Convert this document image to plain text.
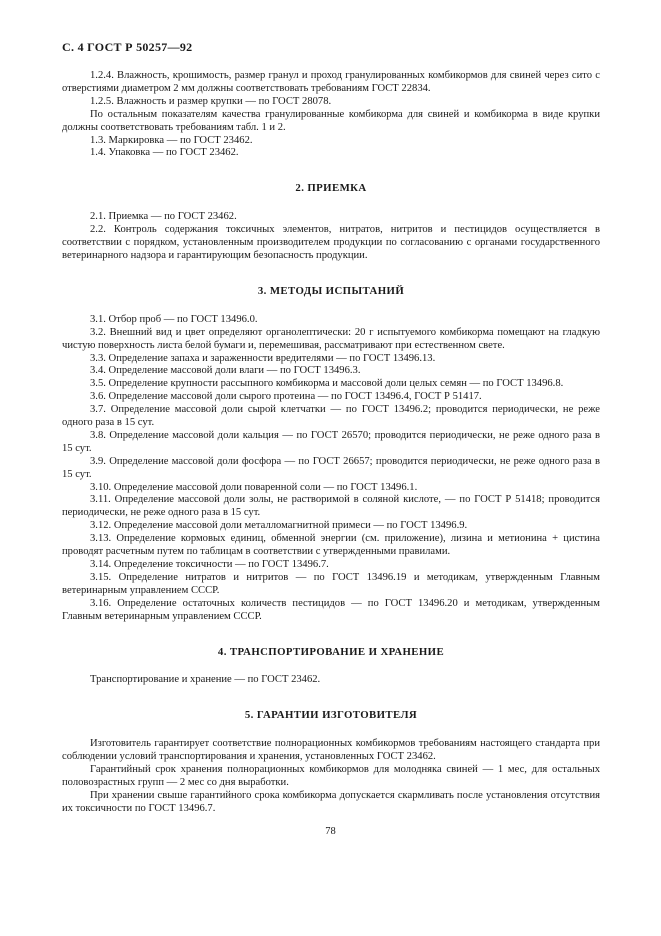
С. 4 ГОСТ Р 50257—92
1.2.4. Влажность, крошимость, размер гранул и проход гранулированных комбикормов для свиней через сито с отверстиями диаметром 2 мм должны соответствовать требованиям ГОСТ 22834.
1.2.5. Влажность и размер крупки — по ГОСТ 28078.
По остальным показателям качества гранулированные комбикорма для свиней и комбикорма в виде крупки должны соответствовать требованиям табл. 1 и 2.
1.3. Маркировка — по ГОСТ 23462.
1.4. Упаковка — по ГОСТ 23462.
2. ПРИЕМКА
2.1. Приемка — по ГОСТ 23462.
2.2. Контроль содержания токсичных элементов, нитратов, нитритов и пестицидов осуществляется в соответствии с порядком, установленным производителем продукции по согласованию с органами государственного ветеринарного надзора и гарантирующим безопасность продукции.
3. МЕТОДЫ ИСПЫТАНИЙ
3.1. Отбор проб — по ГОСТ 13496.0.
3.2. Внешний вид и цвет определяют органолептически: 20 г испытуемого комбикорма помещают на гладкую чистую поверхность листа белой бумаги и, перемешивая, рассматривают при естественном свете.
3.3. Определение запаха и зараженности вредителями — по ГОСТ 13496.13.
3.4. Определение массовой доли влаги — по ГОСТ 13496.3.
3.5. Определение крупности рассыпного комбикорма и массовой доли целых семян — по ГОСТ 13496.8.
3.6. Определение массовой доли сырого протеина — по ГОСТ 13496.4, ГОСТ Р 51417.
3.7. Определение массовой доли сырой клетчатки — по ГОСТ 13496.2; проводится периодически, не реже одного раза в 15 сут.
3.8. Определение массовой доли кальция — по ГОСТ 26570; проводится периодически, не реже одного раза в 15 сут.
3.9. Определение массовой доли фосфора — по ГОСТ 26657; проводится периодически, не реже одного раза в 15 сут.
3.10. Определение массовой доли поваренной соли — по ГОСТ 13496.1.
3.11. Определение массовой доли золы, не растворимой в соляной кислоте, — по ГОСТ Р 51418; проводится периодически, не реже одного раза в 15 сут.
3.12. Определение массовой доли металломагнитной примеси — по ГОСТ 13496.9.
3.13. Определение кормовых единиц, обменной энергии (см. приложение), лизина и метионина + цистина проводят расчетным путем по таблицам в соответствии с утвержденными правилами.
3.14. Определение токсичности — по ГОСТ 13496.7.
3.15. Определение нитратов и нитритов — по ГОСТ 13496.19 и методикам, утвержденным Главным ветеринарным управлением СССР.
3.16. Определение остаточных количеств пестицидов — по ГОСТ 13496.20 и методикам, утвержденным Главным ветеринарным управлением СССР.
4. ТРАНСПОРТИРОВАНИЕ И ХРАНЕНИЕ
Транспортирование и хранение — по ГОСТ 23462.
5. ГАРАНТИИ ИЗГОТОВИТЕЛЯ
Изготовитель гарантирует соответствие полнорационных комбикормов требованиям настоящего стандарта при соблюдении условий транспортирования и хранения, установленных ГОСТ 23462.
Гарантийный срок хранения полнорационных комбикормов для молодняка свиней — 1 мес, для остальных половозрастных групп — 2 мес со дня выработки.
При хранении свыше гарантийного срока комбикорма допускается скармливать после установления отсутствия их токсичности по ГОСТ 13496.7.
78
